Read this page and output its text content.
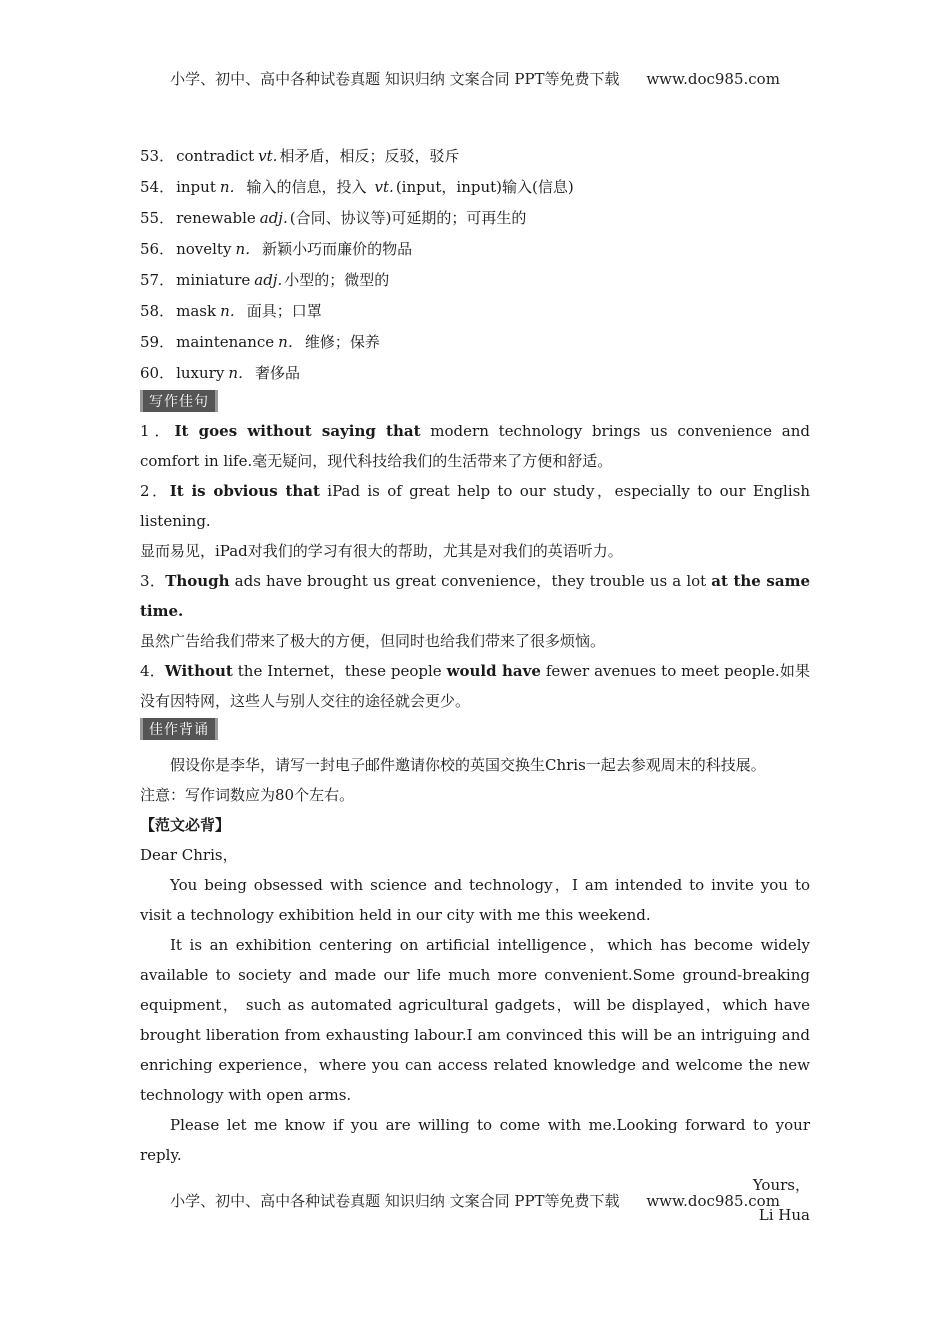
小学、初中、高中各种试卷真题 知识归纳 文案合同 PPT等免费下载 www.doc985.com
53． contradict vt. 相矛盾，相反；反驳，驳斥
54． input n． 输入的信息，投入 vt. (input，input)输入(信息)
55． renewable adj. (合同、协议等)可延期的；可再生的
56． novelty n． 新颖小巧而廉价的物品
57． miniature adj. 小型的；微型的
58． mask n． 面具；口罩
59． maintenance n． 维修；保养
60． luxury n． 奢侈品
写作佳句

1．It goes without saying that modern technology brings us convenience and comfort in life.毫无疑问，现代科技给我们的生活带来了方便和舒适。

2．It is obvious that iPad is of great help to our study，especially to our English listening.

显而易见，iPad对我们的学习有很大的帮助，尤其是对我们的英语听力。

3．Though ads have brought us great convenience，they trouble us a lot at the same time.

虽然广告给我们带来了极大的方便，但同时也给我们带来了很多烦恼。

4．Without the Internet，these people would have fewer avenues to meet people.如果没有因特网，这些人与别人交往的途径就会更少。

佳作背诵

假设你是李华，请写一封电子邮件邀请你校的英国交换生Chris一起去参观周末的科技展。

注意：写作词数应为80个左右。

【范文必背】

Dear Chris，

You being obsessed with science and technology，I am intended to invite you to visit a technology exhibition held in our city with me this weekend.

It is an exhibition centering on artificial intelligence，which has become widely available to society and made our life much more convenient.Some ground-breaking equipment， such as automated agricultural gadgets，will be displayed，which have brought liberation from exhausting labour.I am convinced this will be an intriguing and enriching experience，where you can access related knowledge and welcome the new technology with open arms.

Please let me know if you are willing to come with me.Looking forward to your reply.

Yours，

Li Hua

小学、初中、高中各种试卷真题 知识归纳 文案合同 PPT等免费下载 www.doc985.com
